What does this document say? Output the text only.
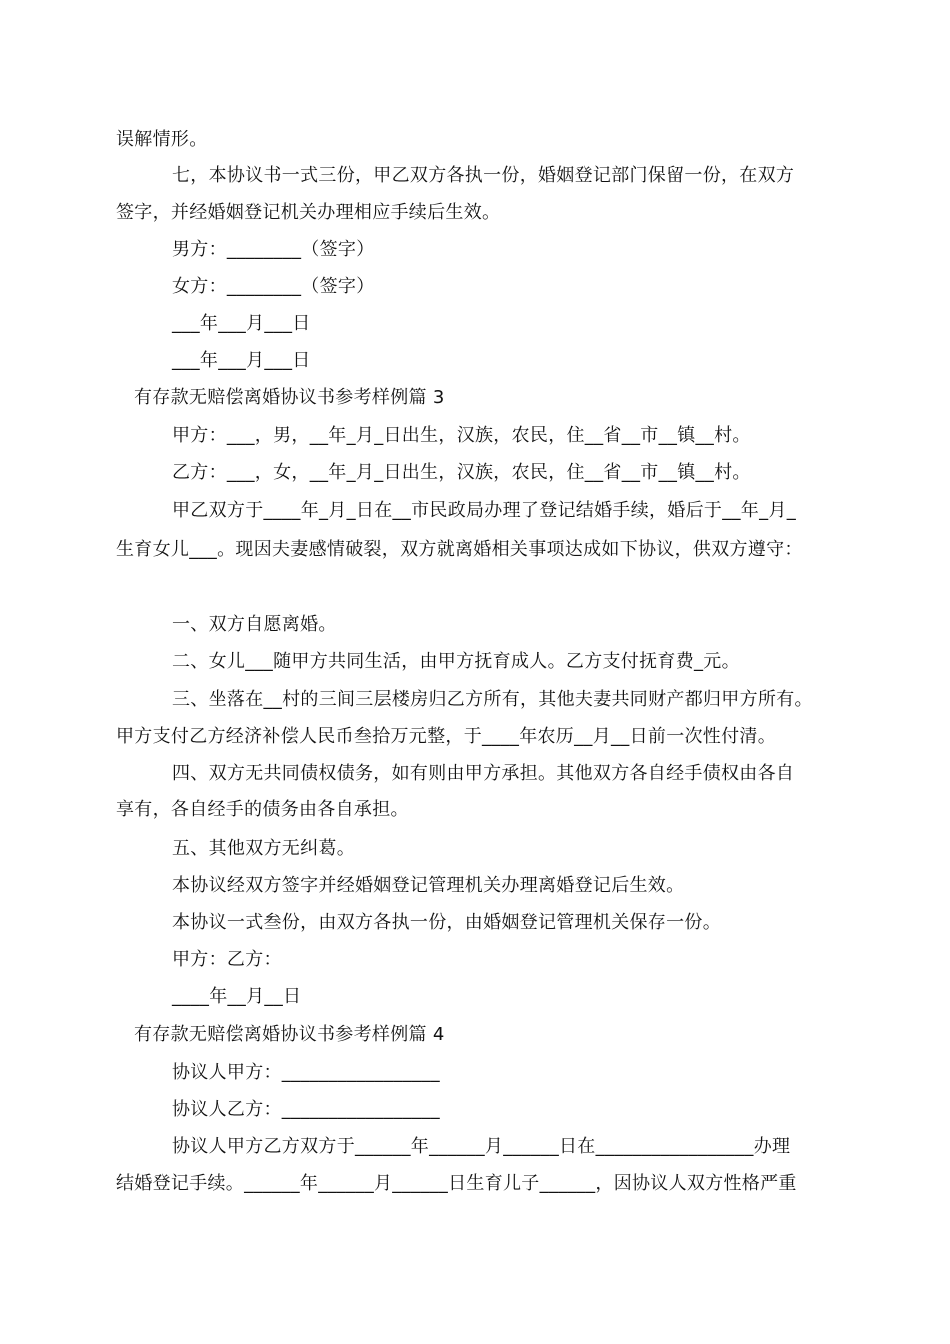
误解情形。
七，本协议书一式三份，甲乙双方各执一份，婚姻登记部门保留一份，在双方
签字，并经婚姻登记机关办理相应手续后生效。
男方：________（签字）
女方：________（签字）
___年___月___日
___年___月___日
有存款无赔偿离婚协议书参考样例篇 3
甲方：___，男，__年_月_日出生，汉族，农民，住__省__市__镇__村。
乙方：___，女，__年_月_日出生，汉族，农民，住__省__市__镇__村。
甲乙双方于____年_月_日在__市民政局办理了登记结婚手续，婚后于__年_月_
生育女儿___。现因夫妻感情破裂，双方就离婚相关事项达成如下协议，供双方遵守：
一、双方自愿离婚。
二、女儿___随甲方共同生活，由甲方抚育成人。乙方支付抚育费_元。
三、坐落在__村的三间三层楼房归乙方所有，其他夫妻共同财产都归甲方所有。
甲方支付乙方经济补偿人民币叁拾万元整，于____年农历__月__日前一次性付清。
四、双方无共同债权债务，如有则由甲方承担。其他双方各自经手债权由各自
享有，各自经手的债务由各自承担。
五、其他双方无纠葛。
本协议经双方签字并经婚姻登记管理机关办理离婚登记后生效。
本协议一式叁份，由双方各执一份，由婚姻登记管理机关保存一份。
甲方：乙方：
____年__月__日
有存款无赔偿离婚协议书参考样例篇 4
协议人甲方：_________________
协议人乙方：_________________
协议人甲方乙方双方于______年______月______日在_________________办理
结婚登记手续。______年______月______日生育儿子______，因协议人双方性格严重
